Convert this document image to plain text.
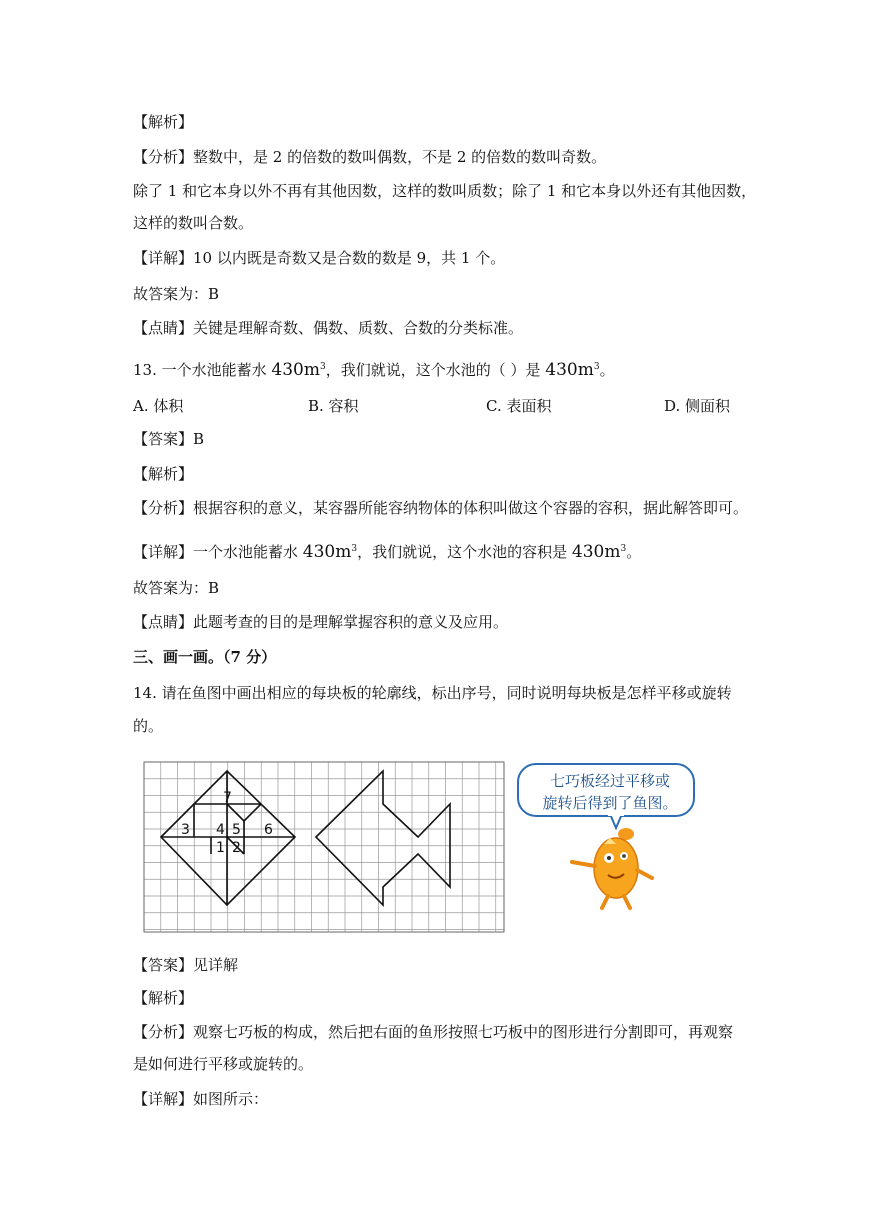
【解析】
【分析】整数中，是 2 的倍数的数叫偶数，不是 2 的倍数的数叫奇数。
除了 1 和它本身以外不再有其他因数，这样的数叫质数；除了 1 和它本身以外还有其他因数，
这样的数叫合数。
【详解】10 以内既是奇数又是合数的数是 9，共 1 个。
故答案为：B
【点睛】关键是理解奇数、偶数、质数、合数的分类标准。
13. 一个水池能蓄水 $430m^3$，我们就说，这个水池的（ ）是 $430m^3$。
A. 体积	B. 容积	C. 表面积	D. 侧面积
【答案】B
【解析】
【分析】根据容积的意义，某容器所能容纳物体的体积叫做这个容器的容积，据此解答即可。
【详解】一个水池能蓄水 $430m^3$，我们就说，这个水池的容积是 $430m^3$。
故答案为：B
【点睛】此题考查的目的是理解掌握容积的意义及应用。
三、画一画。（7 分）
14. 请在鱼图中画出相应的每块板的轮廓线，标出序号，同时说明每块板是怎样平移或旋转
的。
7
3 4 5 6
1 2
七巧板经过平移或
旋转后得到了鱼图。
【答案】见详解
【解析】
【分析】观察七巧板的构成，然后把右面的鱼形按照七巧板中的图形进行分割即可，再观察
是如何进行平移或旋转的。
【详解】如图所示：
